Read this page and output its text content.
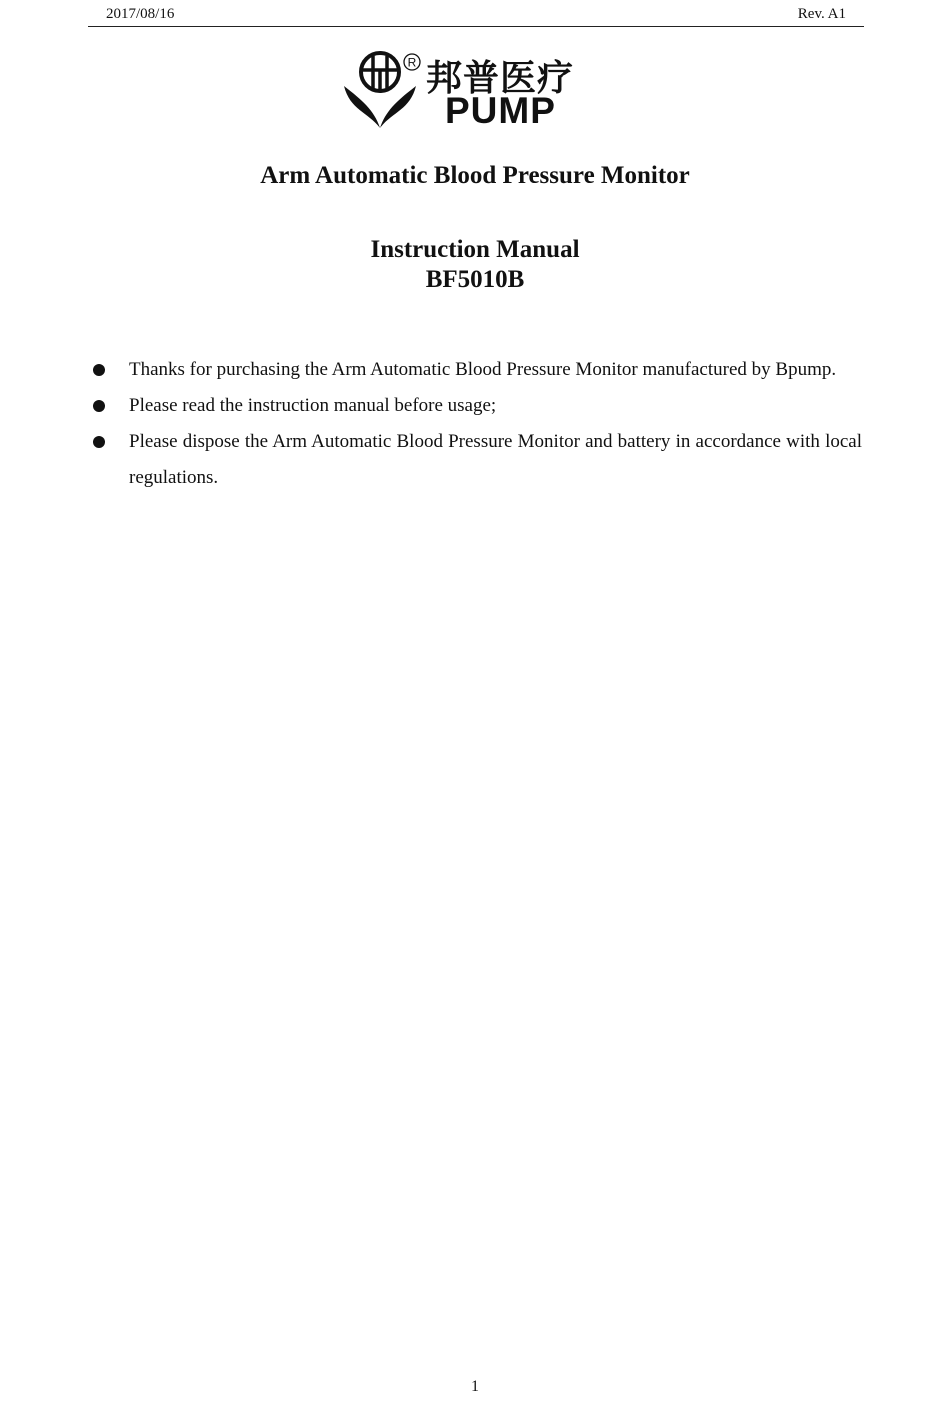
2017/08/16	Rev. A1
R 邦普医疗
PUMP
Arm Automatic Blood Pressure Monitor
Instruction Manual
BF5010B
Thanks for purchasing the Arm Automatic Blood Pressure Monitor manufactured by Bpump.
Please read the instruction manual before usage;
Please dispose the Arm Automatic Blood Pressure Monitor and battery in accordance with local regulations.
1
